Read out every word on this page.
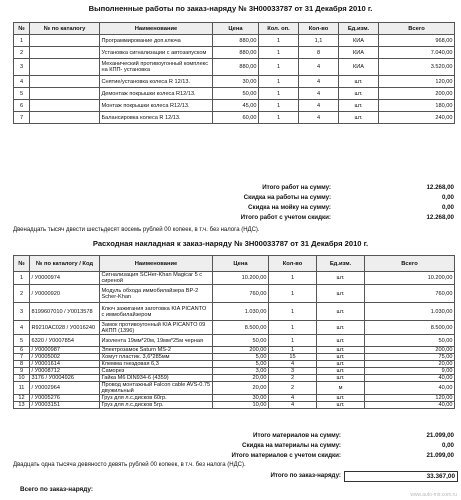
Выполненные работы по заказ-наряду № 3Н00033787 от 31 Декабря 2010 г.
№	№ по каталогу	Наименование	Цена	Кол. оп.	Кол-во	Ед.изм.	Всего
1		Программирование доп.ключа	880,00	1	1,1	КИА	968,00
2		Установка сигнализации с автозапуском	880,00	1	8	КИА	7.040,00
3		Механический противоугонный комплекс на КПП- установка	880,00	1	4	КИА	3.520,00
4		Снятие/установка колеса R 12/13.	30,00	1	4	шт.	120,00
5		Демонтаж покрышки колеса R12/13.	50,00	1	4	шт.	200,00
6		Монтаж покрышки колеса R12/13.	45,00	1	4	шт.	180,00
7		Балансировка колеса R 12/13.	60,00	1	4	шт.	240,00
Итого работ на сумму:	12.268,00
Скидка на работы на сумму:	0,00
Скидка на мойку на сумму:	0,00
Итого работ с учетом скидки:	12.268,00
Двенадцать тысяч двести шестьдесят восемь рублей 00 копеек, в т.ч. без налога (НДС).
Расходная накладная к заказ-наряду № 3Н00033787 от 31 Декабря 2010 г.
№	№ по каталогу / Код	Наименование	Цена	Кол-во	Ед.изм.	Всего
1	/ У0000974	Сигнализация SCHer-Khan Magicar 5 с сиреной	10.200,00	1	шт.	10.200,00
2	/ У0000920	Модуль обхода иммобилайзера BP-2 Scher-Khan	760,00	1	шт.	760,00
3	8199607010 / У0013578	Ключ зажигания заготовка KIA PICANTO с иммобилайзером	1.030,00	1	шт.	1.030,00
4	R9210AC028 / У0016240	Замок противоугонный KIA PICANTO 09 АКПП (1396)	8.500,00	1	шт.	8.500,00
5	6320 / У0007854	Изолента 19мм*20м, 19мм*25м черная	50,00	1	шт.	50,00
6	/ У0000987	Электрозамок Saturn MS-2	200,00	1	шт.	200,00
7	/ У0005002	Хомут пластик. 3,6*285мм	5,00	15	шт.	75,00
8	/ У0001614	Клемма гнездовая 6,3	5,00	4	шт.	20,00
9	/ У0008712	Саморез	3,00	3	шт.	9,00
10	3176 / У0004926	Гайка М6 DIN934-6 (4359)	20,00	2	шт.	40,00
11	/ У0002964	Провод монтажный Falcon cable AVS-0.75 двужильный	20,00	2	м	40,00
12	/ У0005276	Груз для л.с.дисков 60гр.	30,00	4	шт.	120,00
13	/ У0003151	Груз для л.с.дисков 5гр.	10,00	4	шт.	40,00
Итого материалов на сумму:	21.099,00
Скидка на материалы на сумму:	0,00
Итого материалов с учетом скидки:	21.099,00
Двадцать одна тысяча девяносто девять рублей 00 копеек, в т.ч. без налога (НДС).
Итого по заказ-наряду:	33.367,00
Всего по заказ-наряду:
www.auto-mir.com.ru
